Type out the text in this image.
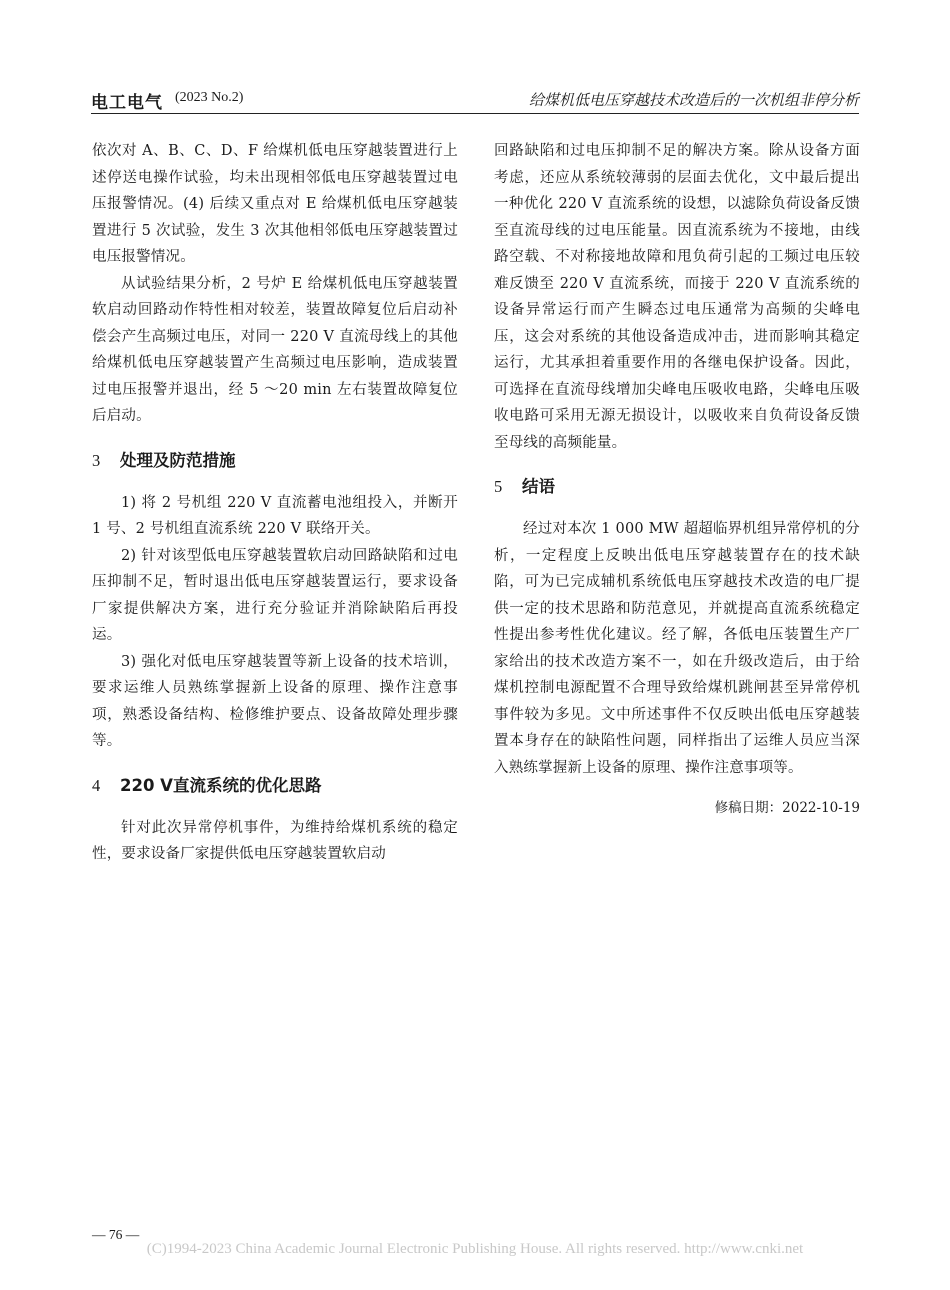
电工电气 (2023 No.2)	给煤机低电压穿越技术改造后的一次机组非停分析

依次对 A、B、C、D、F 给煤机低电压穿越装置进行上述停送电操作试验，均未出现相邻低电压穿越装置过电压报警情况。(4) 后续又重点对 E 给煤机低电压穿越装置进行 5 次试验，发生 3 次其他相邻低电压穿越装置过电压报警情况。

从试验结果分析，2 号炉 E 给煤机低电压穿越装置软启动回路动作特性相对较差，装置故障复位后启动补偿会产生高频过电压，对同一 220 V 直流母线上的其他给煤机低电压穿越装置产生高频过电压影响，造成装置过电压报警并退出，经 5 ～20 min 左右装置故障复位后启动。

3 处理及防范措施

1) 将 2 号机组 220 V 直流蓄电池组投入，并断开 1 号、2 号机组直流系统 220 V 联络开关。

2) 针对该型低电压穿越装置软启动回路缺陷和过电压抑制不足，暂时退出低电压穿越装置运行，要求设备厂家提供解决方案，进行充分验证并消除缺陷后再投运。

3) 强化对低电压穿越装置等新上设备的技术培训，要求运维人员熟练掌握新上设备的原理、操作注意事项，熟悉设备结构、检修维护要点、设备故障处理步骤等。

4 220 V直流系统的优化思路

针对此次异常停机事件，为维持给煤机系统的稳定性，要求设备厂家提供低电压穿越装置软启动

回路缺陷和过电压抑制不足的解决方案。除从设备方面考虑，还应从系统较薄弱的层面去优化，文中最后提出一种优化 220 V 直流系统的设想，以滤除负荷设备反馈至直流母线的过电压能量。因直流系统为不接地，由线路空载、不对称接地故障和甩负荷引起的工频过电压较难反馈至 220 V 直流系统，而接于 220 V 直流系统的设备异常运行而产生瞬态过电压通常为高频的尖峰电压，这会对系统的其他设备造成冲击，进而影响其稳定运行，尤其承担着重要作用的各继电保护设备。因此，可选择在直流母线增加尖峰电压吸收电路，尖峰电压吸收电路可采用无源无损设计，以吸收来自负荷设备反馈至母线的高频能量。

5 结语

经过对本次 1 000 MW 超超临界机组异常停机的分析，一定程度上反映出低电压穿越装置存在的技术缺陷，可为已完成辅机系统低电压穿越技术改造的电厂提供一定的技术思路和防范意见，并就提高直流系统稳定性提出参考性优化建议。经了解，各低电压装置生产厂家给出的技术改造方案不一，如在升级改造后，由于给煤机控制电源配置不合理导致给煤机跳闸甚至异常停机事件较为多见。文中所述事件不仅反映出低电压穿越装置本身存在的缺陷性问题，同样指出了运维人员应当深入熟练掌握新上设备的原理、操作注意事项等。

修稿日期：2022-10-19

— 76 —
(C)1994-2023 China Academic Journal Electronic Publishing House. All rights reserved. http://www.cnki.net
